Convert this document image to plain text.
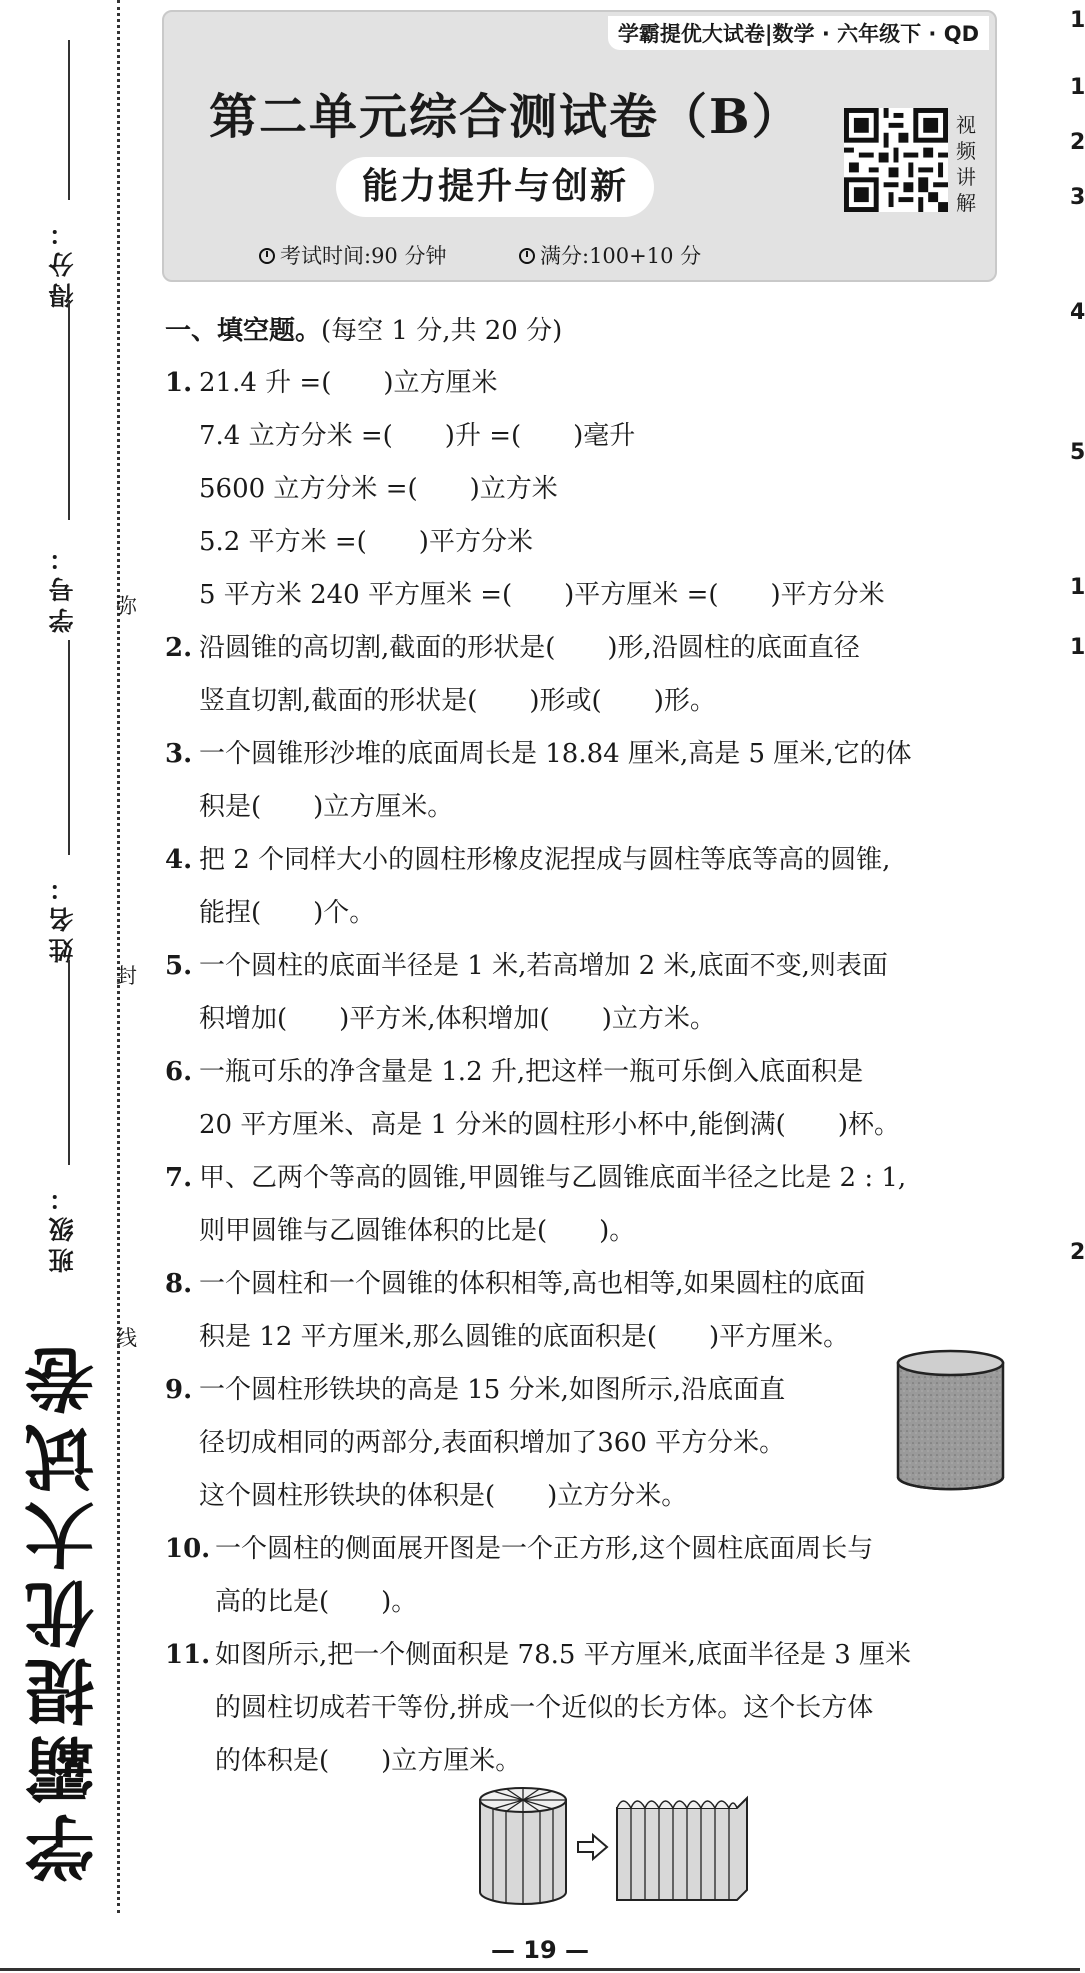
得分：
学号：
姓名：
班级：
弥
封
线
学霸提优大试卷
学霸提优大试卷|数学 · 六年级下 · QD
第二单元综合测试卷（B）
能力提升与创新
考试时间:90 分钟	满分:100+10 分
视频讲解
一、填空题。(每空 1 分,共 20 分)
1. 21.4 升 =(　　)立方厘米
7.4 立方分米 =(　　)升 =(　　)毫升
5600 立方分米 =(　　)立方米
5.2 平方米 =(　　)平方分米
5 平方米 240 平方厘米 =(　　)平方厘米 =(　　)平方分米
2. 沿圆锥的高切割,截面的形状是(　　)形,沿圆柱的底面直径
竖直切割,截面的形状是(　　)形或(　　)形。
3. 一个圆锥形沙堆的底面周长是 18.84 厘米,高是 5 厘米,它的体
积是(　　)立方厘米。
4. 把 2 个同样大小的圆柱形橡皮泥捏成与圆柱等底等高的圆锥,
能捏(　　)个。
5. 一个圆柱的底面半径是 1 米,若高增加 2 米,底面不变,则表面
积增加(　　)平方米,体积增加(　　)立方米。
6. 一瓶可乐的净含量是 1.2 升,把这样一瓶可乐倒入底面积是
20 平方厘米、高是 1 分米的圆柱形小杯中,能倒满(　　)杯。
7. 甲、乙两个等高的圆锥,甲圆锥与乙圆锥底面半径之比是 2 : 1,
则甲圆锥与乙圆锥体积的比是(　　)。
8. 一个圆柱和一个圆锥的体积相等,高也相等,如果圆柱的底面
积是 12 平方厘米,那么圆锥的底面积是(　　)平方厘米。
9. 一个圆柱形铁块的高是 15 分米,如图所示,沿底面直
径切成相同的两部分,表面积增加了360 平方分米。
这个圆柱形铁块的体积是(　　)立方分米。
10. 一个圆柱的侧面展开图是一个正方形,这个圆柱底面周长与
高的比是(　　)。
11. 如图所示,把一个侧面积是 78.5 平方厘米,底面半径是 3 厘米
的圆柱切成若干等份,拼成一个近似的长方体。这个长方体
的体积是(　　)立方厘米。
1
1
2
3
4
5
1
1
2
— 19 —
